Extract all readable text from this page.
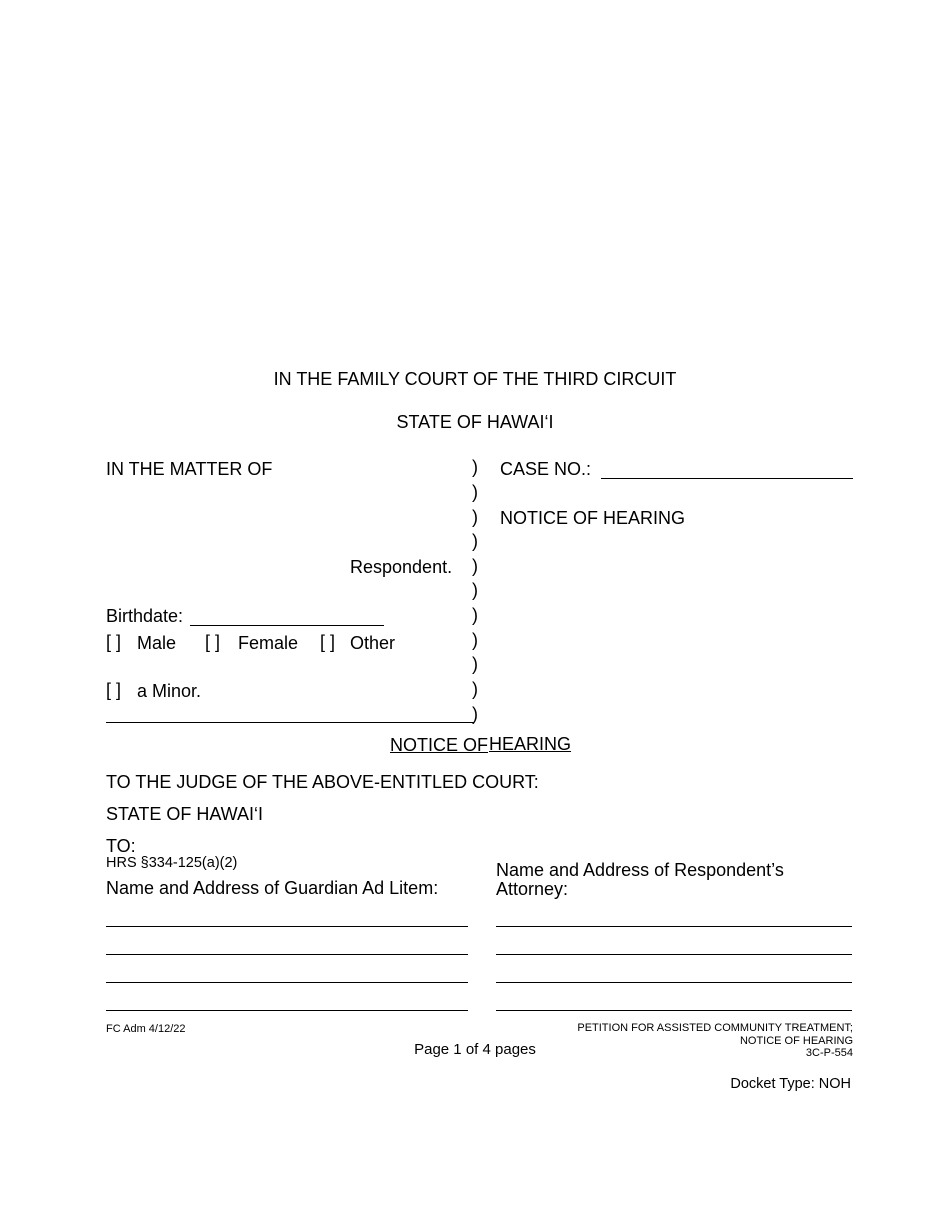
IN THE FAMILY COURT OF THE THIRD CIRCUIT
STATE OF HAWAI‘I
IN THE MATTER OF
Respondent.
Birthdate:
[ ] Male [ ] Female [ ] Other
[ ] a Minor.
)
)
)
)
)
)
)
)
)
)
)
CASE NO.:
NOTICE OF HEARING
NOTICE OF HEARING
TO THE JUDGE OF THE ABOVE-ENTITLED COURT:
STATE OF HAWAI‘I
TO:
HRS §334-125(a)(2)
Name and Address of Guardian Ad Litem:
Name and Address of Respondent’s
Attorney:
FC Adm 4/12/22
Page 1 of 4 pages
PETITION FOR ASSISTED COMMUNITY TREATMENT;
NOTICE OF HEARING
3C-P-554
Docket Type: NOH
